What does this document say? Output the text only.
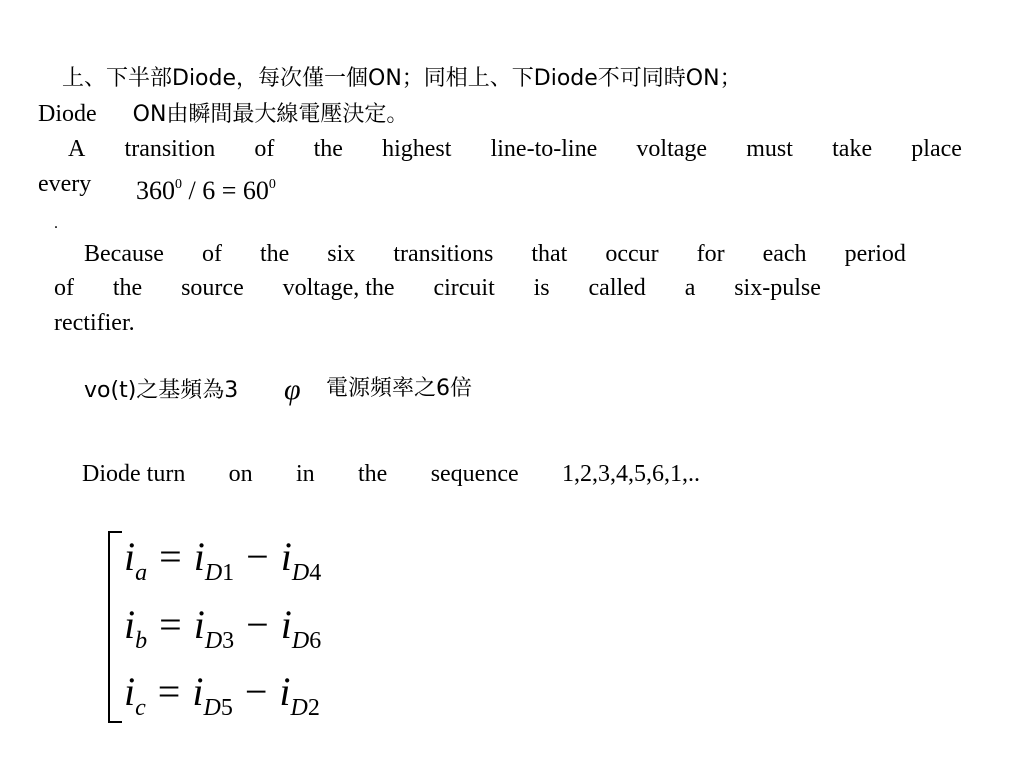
上、下半部Diode，每次僅一個ON；同相上、下Diode不可同時ON；
Diode ON由瞬間最大線電壓決定。
A transition of the highest line-to-line voltage must take place
every $360^0 / 6 = 60^0$
.
Because of the six transitions that occur for each period
of the source voltage, the circuit is called a six-pulse
rectifier.
vo(t)之基頻為3 φ 電源頻率之6倍
Diode turn on in the sequence 1,2,3,4,5,6,1,..
$i_a = i_{D1} - i_{D4}$
$i_b = i_{D3} - i_{D6}$
$i_c = i_{D5} - i_{D2}$
